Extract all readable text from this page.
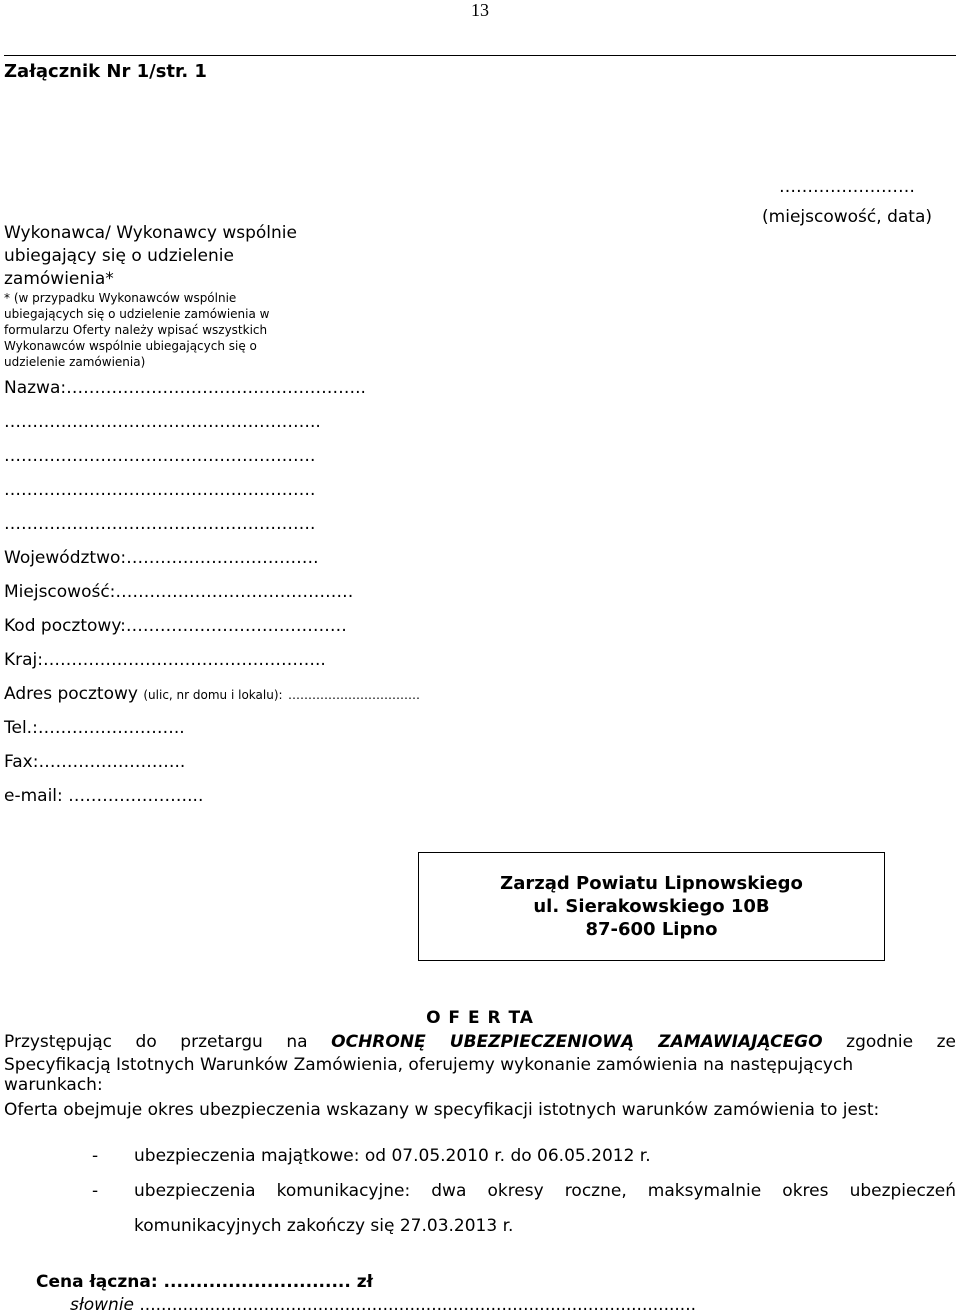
13
Załącznik Nr 1/str. 1
Wykonawca/ Wykonawcy wspólnie ubiegający się o udzielenie zamówienia*
* (w przypadku Wykonawców wspólnie ubiegających się o udzielenie zamówienia w formularzu Oferty należy wpisać wszystkich Wykonawców wspólnie ubiegających się o udzielenie zamówienia)
……………………
(miejscowość, data)
Nazwa:……………………………………………..
………………………………………………..
……………………………………………….
……………………………………………….
……………………………………………….
Województwo:…………………………….
Miejscowość:……………………………………
Kod pocztowy:…………………………………
Kraj:…………………………………………..
Adres pocztowy (ulic, nr domu i lokalu): ……………………………
Tel.:……………………..
Fax:……………………..
e-mail: …………………...
Zarząd Powiatu Lipnowskiego
ul. Sierakowskiego 10B
87-600 Lipno
O F E R TA
Przystępując do przetargu na OCHRONĘ UBEZPIECZENIOWĄ ZAMAWIAJĄCEGO zgodnie ze
Specyfikacją Istotnych Warunków Zamówienia, oferujemy wykonanie zamówienia na następujących warunkach:
Oferta obejmuje okres ubezpieczenia wskazany w specyfikacji istotnych warunków zamówienia to jest:
- ubezpieczenia majątkowe: od 07.05.2010 r. do 06.05.2012 r.
- ubezpieczenia komunikacyjne: dwa okresy roczne, maksymalnie okres ubezpieczeń
komunikacyjnych zakończy się 27.03.2013 r.
Cena łączna: ............................. zł
słownie .......................................................................................................
